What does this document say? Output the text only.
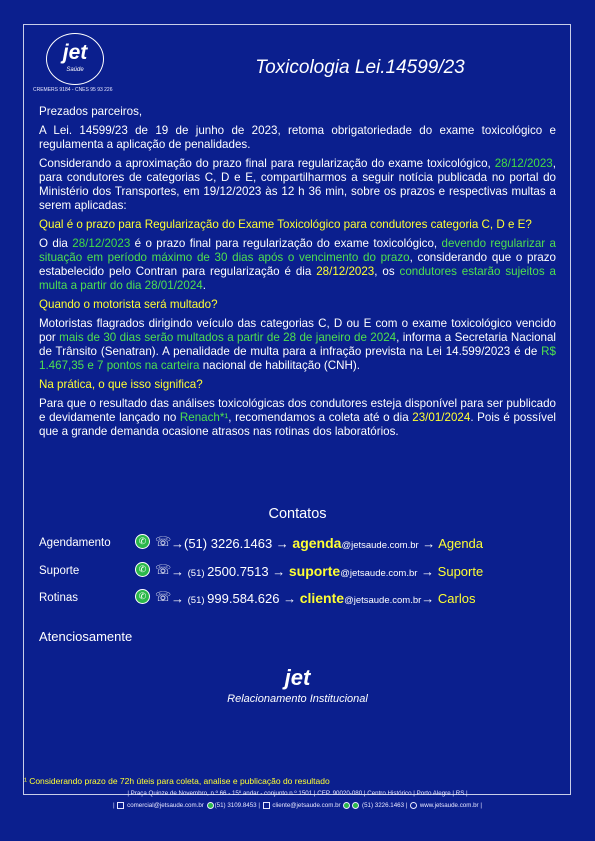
jet
Saúde
CREMERS 9184 - CNES 95 93 226
Toxicologia Lei.14599/23

Prezados parceiros,

A Lei. 14599/23 de 19 de junho de 2023, retoma obrigatoriedade do exame toxicológico e regulamenta a aplicação de penalidades.

Considerando a aproximação do prazo final para regularização do exame toxicológico, 28/12/2023, para condutores de categorias C, D e E, compartilharmos a seguir notícia publicada no portal do Ministério dos Transportes, em 19/12/2023 às 12 h 36 min, sobre os prazos e respectivas multas a serem aplicadas:

Qual é o prazo para Regularização do Exame Toxicológico para condutores categoria C, D e E?

O dia 28/12/2023 é o prazo final para regularização do exame toxicológico, devendo regularizar a situação em período máximo de 30 dias após o vencimento do prazo, considerando que o prazo estabelecido pelo Contran para regularização é dia 28/12/2023, os condutores estarão sujeitos a multa a partir do dia 28/01/2024.

Quando o motorista será multado?

Motoristas flagrados dirigindo veículo das categorias C, D ou E com o exame toxicológico vencido por mais de 30 dias serão multados a partir de 28 de janeiro de 2024, informa a Secretaria Nacional de Trânsito (Senatran). A penalidade de multa para a infração prevista na Lei 14.599/2023 é de R$ 1.467,35 e 7 pontos na carteira nacional de habilitação (CNH).

Na prática, o que isso significa?

Para que o resultado das análises toxicológicas dos condutores esteja disponível para ser publicado e devidamente lançado no Renach*¹, recomendamos a coleta até o dia 23/01/2024. Pois é possível que a grande demanda ocasione atrasos nas rotinas dos laboratórios.

Contatos
Agendamento	✆ ☏ →(51) 3226.1463 → agenda@jetsaude.com.br → Agenda
Suporte	✆ ☏ → (51) 2500.7513 → suporte@jetsaude.com.br → Suporte
Rotinas	✆ ☏ → (51) 999.584.626 → cliente@jetsaude.com.br→ Carlos
Atenciosamente
jet
Relacionamento Institucional
¹ Considerando prazo de 72h úteis para coleta, analise e publicação do resultado
| Praça Quinze de Novembro, n.º 66 - 15º andar - conjunto n.º 1501 | CEP. 90020-080 | Centro Histórico | Porto Alegre | RS |
|  comercial@jetsaude.com.br (51) 3109.8453 |  cliente@jetsaude.com.br	(51) 3226.1463 |  www.jetsaude.com.br |
